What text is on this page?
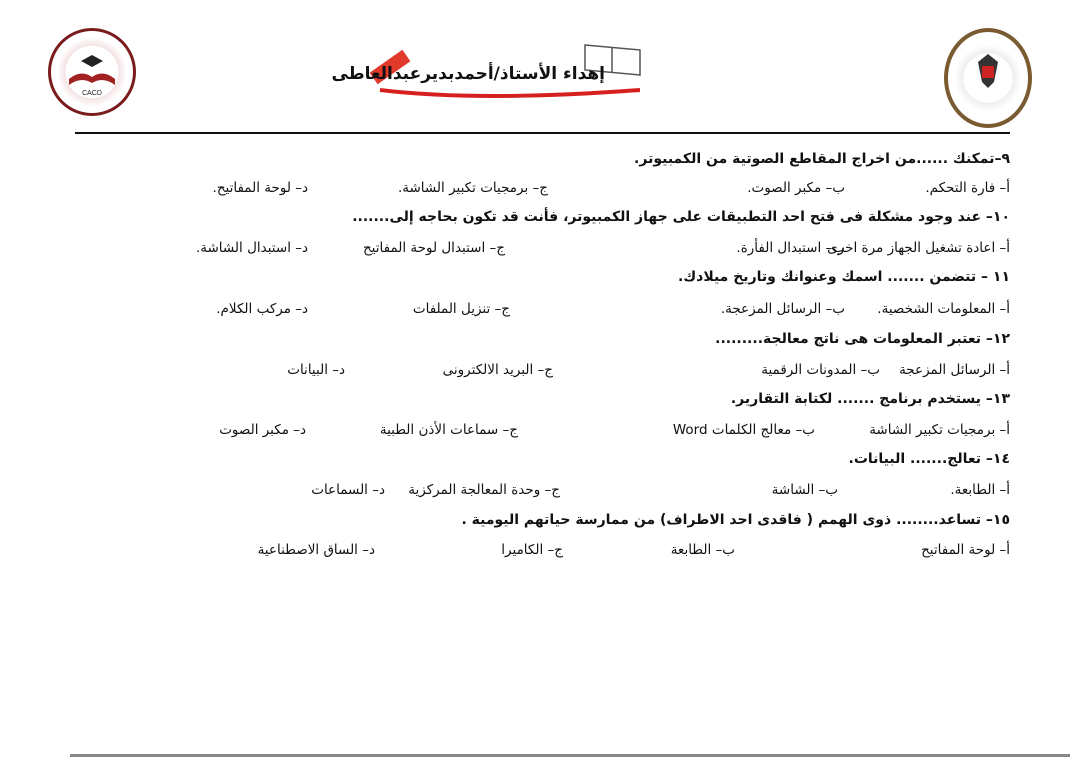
CACD
إهداء الأستاذ/أحمدبديرعبدالعاطى
٩–تمكنك ......من اخراج المقاطع الصوتية من الكمبيوتر.
أ– فارة التحكم.
ب– مكبر الصوت.
ج– برمجيات تكبير الشاشة.
د– لوحة المفاتيح.
١٠– عند وجود مشكلة فى فتح احد التطبيقات على جهاز الكمبيوتر، فأنت قد تكون بحاجه إلى.......
أ– اعادة تشغيل الجهاز مرة اخرى
ب– استبدال الفأرة.
ج– استبدال لوحة المفاتيح
د– استبدال الشاشة.
١١ – تتضمن ....... اسمك وعنوانك وتاريخ ميلادك.
أ– المعلومات الشخصية.
ب– الرسائل المزعجة.
ج– تنزيل الملفات
د– مركب الكلام.
١٢– تعتبر المعلومات هى ناتج معالجة.........
أ– الرسائل المزعجة
ب– المدونات الرقمية
ج– البريد الالكترونى
د– البيانات
١٣– يستخدم برنامج ....... لكتابة التقارير.
أ– برمجيات تكبير الشاشة
ب– معالج الكلمات Word
ج– سماعات الأذن الطبية
د– مكبر الصوت
١٤– تعالج....... البيانات.
أ– الطابعة.
ب– الشاشة
ج– وحدة المعالجة المركزية
د– السماعات
١٥– تساعد........ ذوى الهمم ( فاقدى احد الاطراف) من ممارسة حياتهم اليومية .
أ– لوحة المفاتيح
ب– الطابعة
ج– الكاميرا
د– الساق الاصطناعية
